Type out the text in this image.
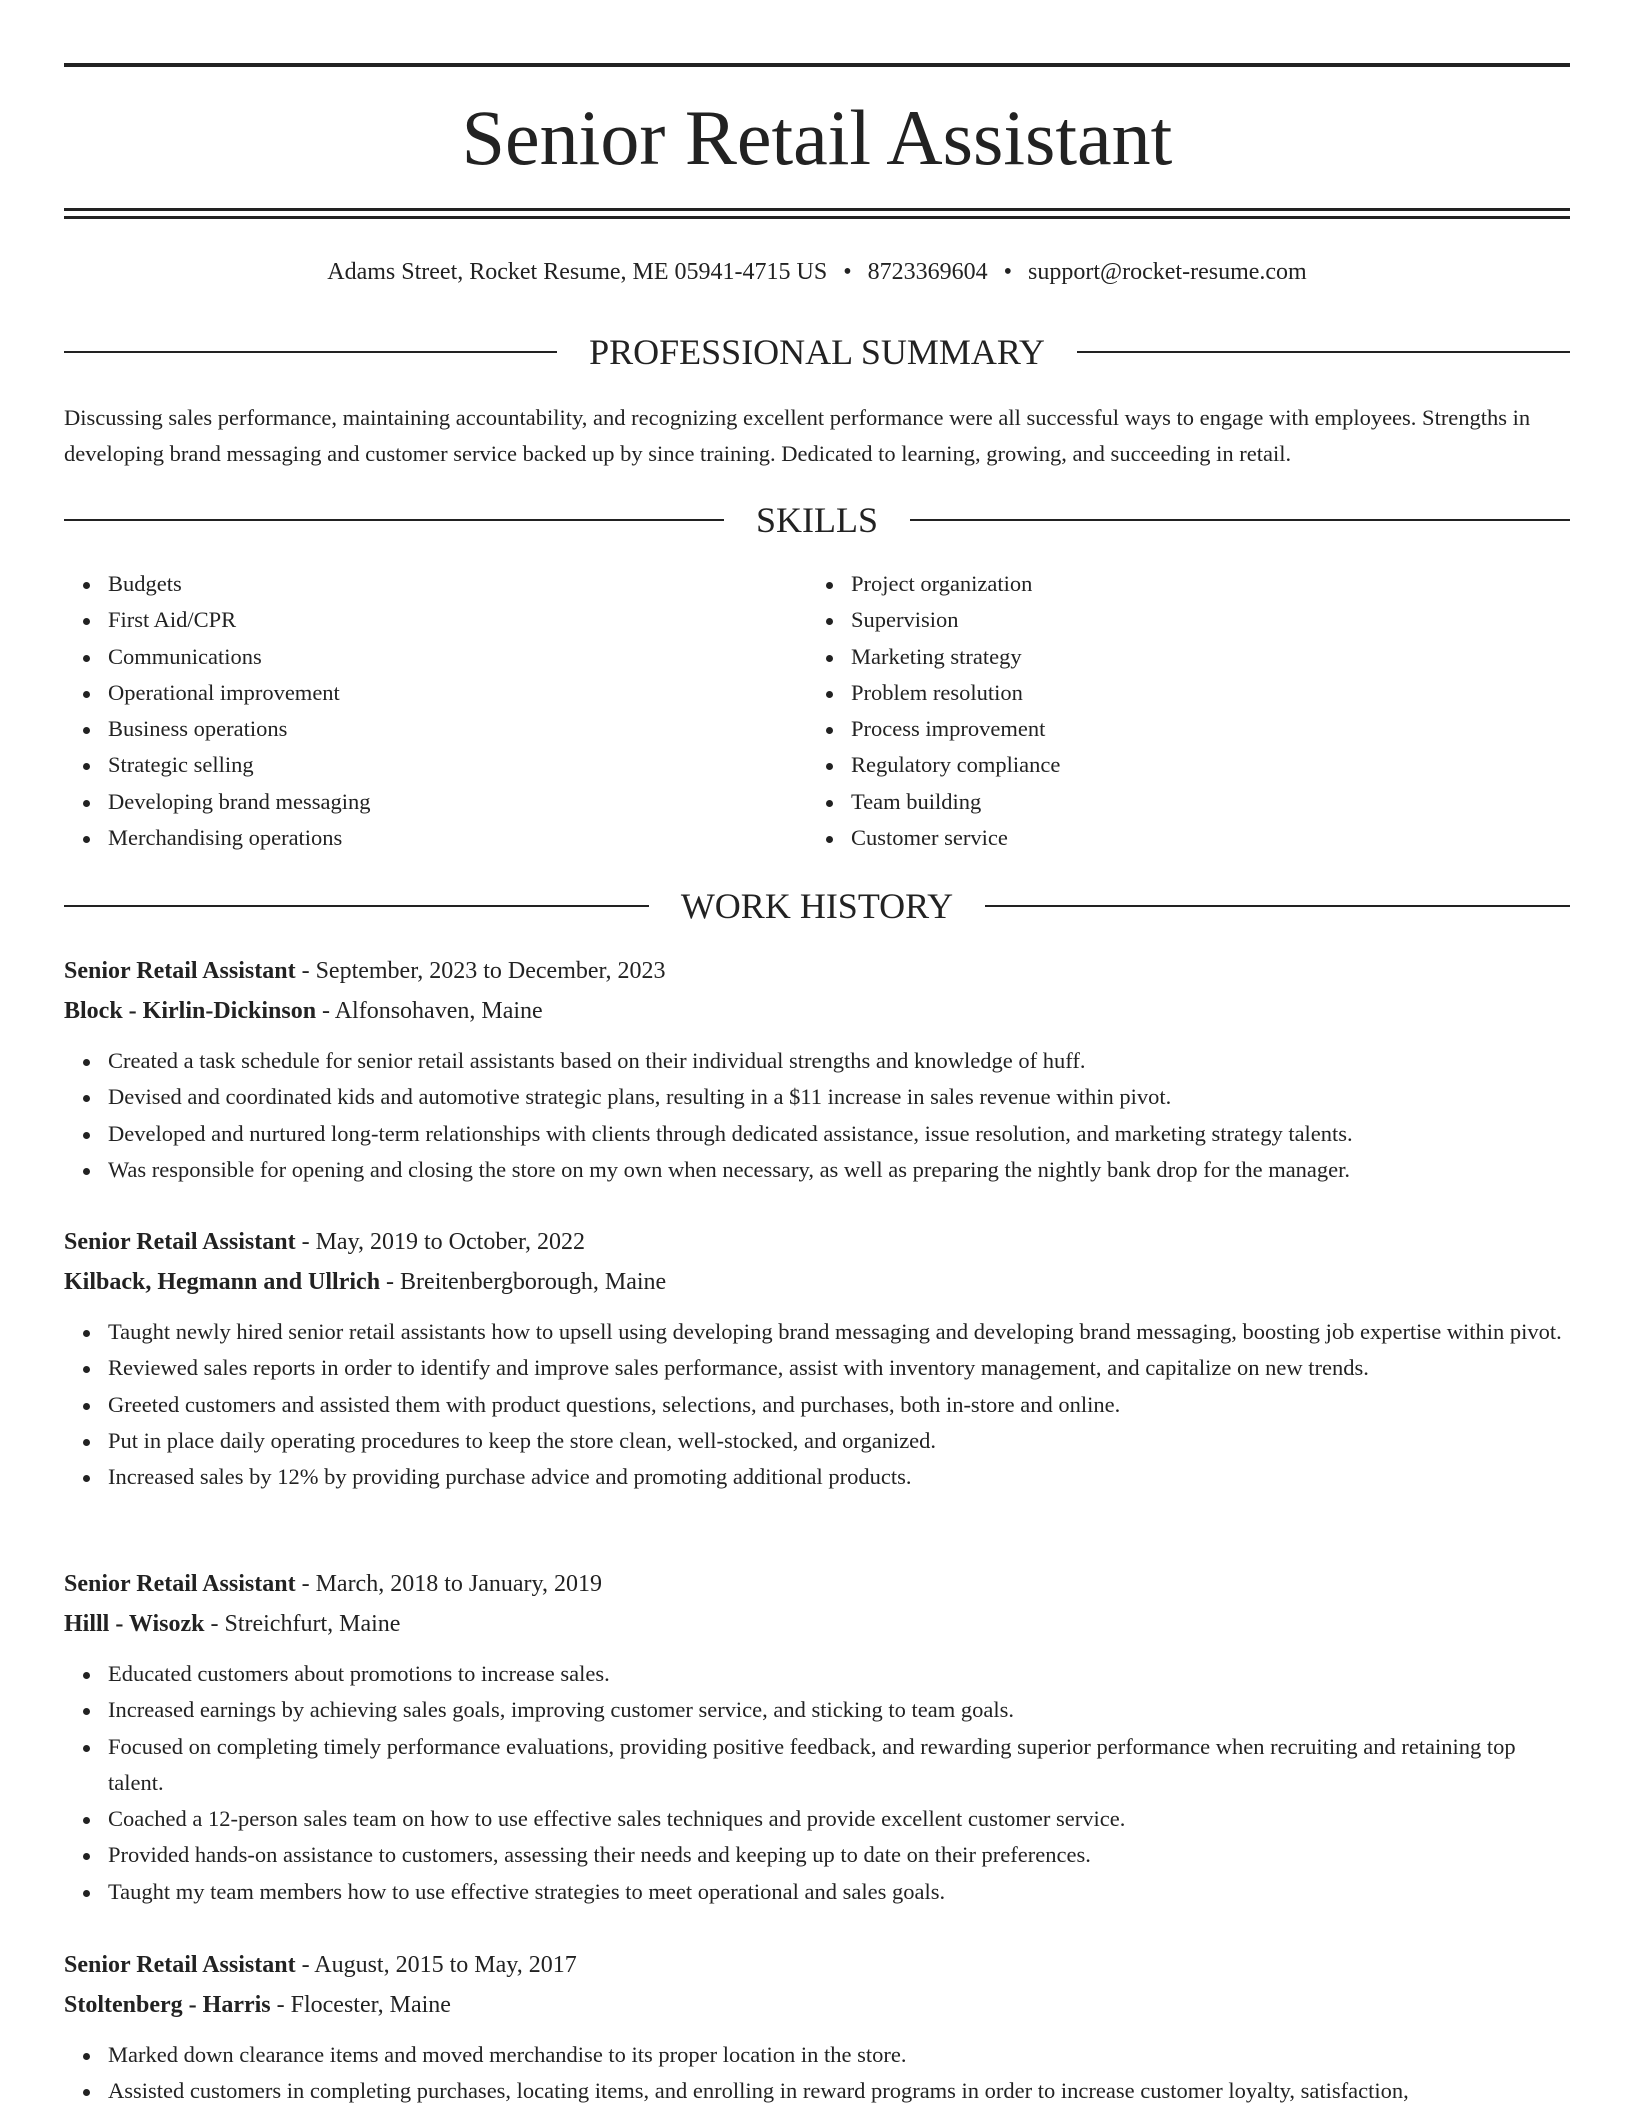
Senior Retail Assistant
Adams Street, Rocket Resume, ME 05941-4715 US • 8723369604 • support@rocket-resume.com
PROFESSIONAL SUMMARY

Discussing sales performance, maintaining accountability, and recognizing excellent performance were all successful ways to engage with employees. Strengths in developing brand messaging and customer service backed up by since training. Dedicated to learning, growing, and succeeding in retail.

SKILLS
Budgets
First Aid/CPR
Communications
Operational improvement
Business operations
Strategic selling
Developing brand messaging
Merchandising operations
Project organization
Supervision
Marketing strategy
Problem resolution
Process improvement
Regulatory compliance
Team building
Customer service
WORK HISTORY
Senior Retail Assistant - September, 2023 to December, 2023
Block - Kirlin-Dickinson - Alfonsohaven, Maine
Created a task schedule for senior retail assistants based on their individual strengths and knowledge of huff.
Devised and coordinated kids and automotive strategic plans, resulting in a $11 increase in sales revenue within pivot.
Developed and nurtured long-term relationships with clients through dedicated assistance, issue resolution, and marketing strategy talents.
Was responsible for opening and closing the store on my own when necessary, as well as preparing the nightly bank drop for the manager.
Senior Retail Assistant - May, 2019 to October, 2022
Kilback, Hegmann and Ullrich - Breitenbergborough, Maine
Taught newly hired senior retail assistants how to upsell using developing brand messaging and developing brand messaging, boosting job expertise within pivot.
Reviewed sales reports in order to identify and improve sales performance, assist with inventory management, and capitalize on new trends.
Greeted customers and assisted them with product questions, selections, and purchases, both in-store and online.
Put in place daily operating procedures to keep the store clean, well-stocked, and organized.
Increased sales by 12% by providing purchase advice and promoting additional products.
Senior Retail Assistant - March, 2018 to January, 2019
Hilll - Wisozk - Streichfurt, Maine
Educated customers about promotions to increase sales.
Increased earnings by achieving sales goals, improving customer service, and sticking to team goals.
Focused on completing timely performance evaluations, providing positive feedback, and rewarding superior performance when recruiting and retaining top talent.
Coached a 12-person sales team on how to use effective sales techniques and provide excellent customer service.
Provided hands-on assistance to customers, assessing their needs and keeping up to date on their preferences.
Taught my team members how to use effective strategies to meet operational and sales goals.
Senior Retail Assistant - August, 2015 to May, 2017
Stoltenberg - Harris - Flocester, Maine
Marked down clearance items and moved merchandise to its proper location in the store.
Assisted customers in completing purchases, locating items, and enrolling in reward programs in order to increase customer loyalty, satisfaction,
